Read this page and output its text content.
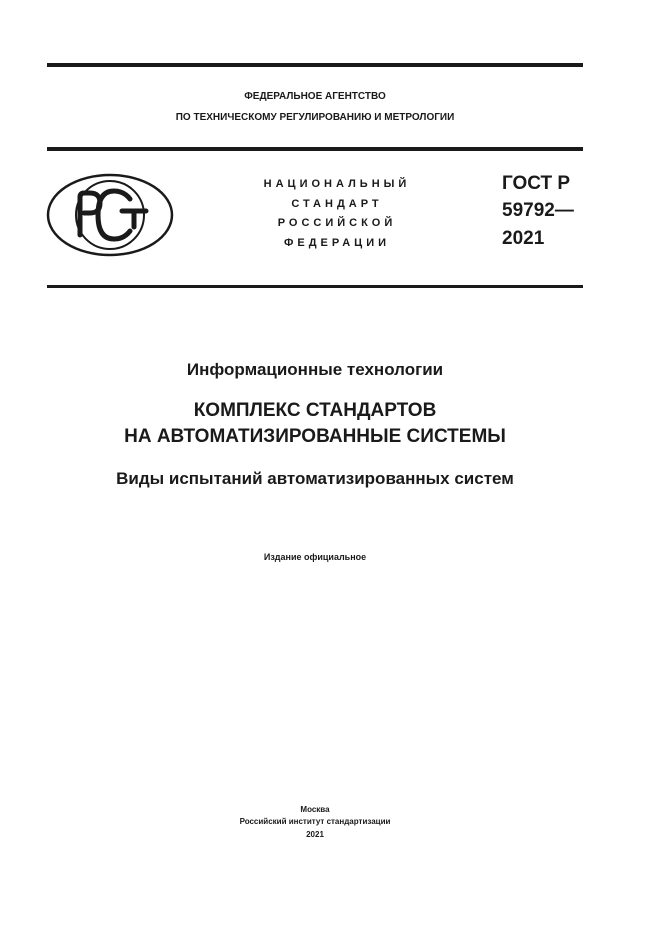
ФЕДЕРАЛЬНОЕ АГЕНТСТВО
ПО ТЕХНИЧЕСКОМУ РЕГУЛИРОВАНИЮ И МЕТРОЛОГИИ
НАЦИОНАЛЬНЫЙ
СТАНДАРТ
РОССИЙСКОЙ
ФЕДЕРАЦИИ
ГОСТ Р
59792—
2021
Информационные технологии
КОМПЛЕКС СТАНДАРТОВ
НА АВТОМАТИЗИРОВАННЫЕ СИСТЕМЫ
Виды испытаний автоматизированных систем
Издание официальное
Москва
Российский институт стандартизации
2021
